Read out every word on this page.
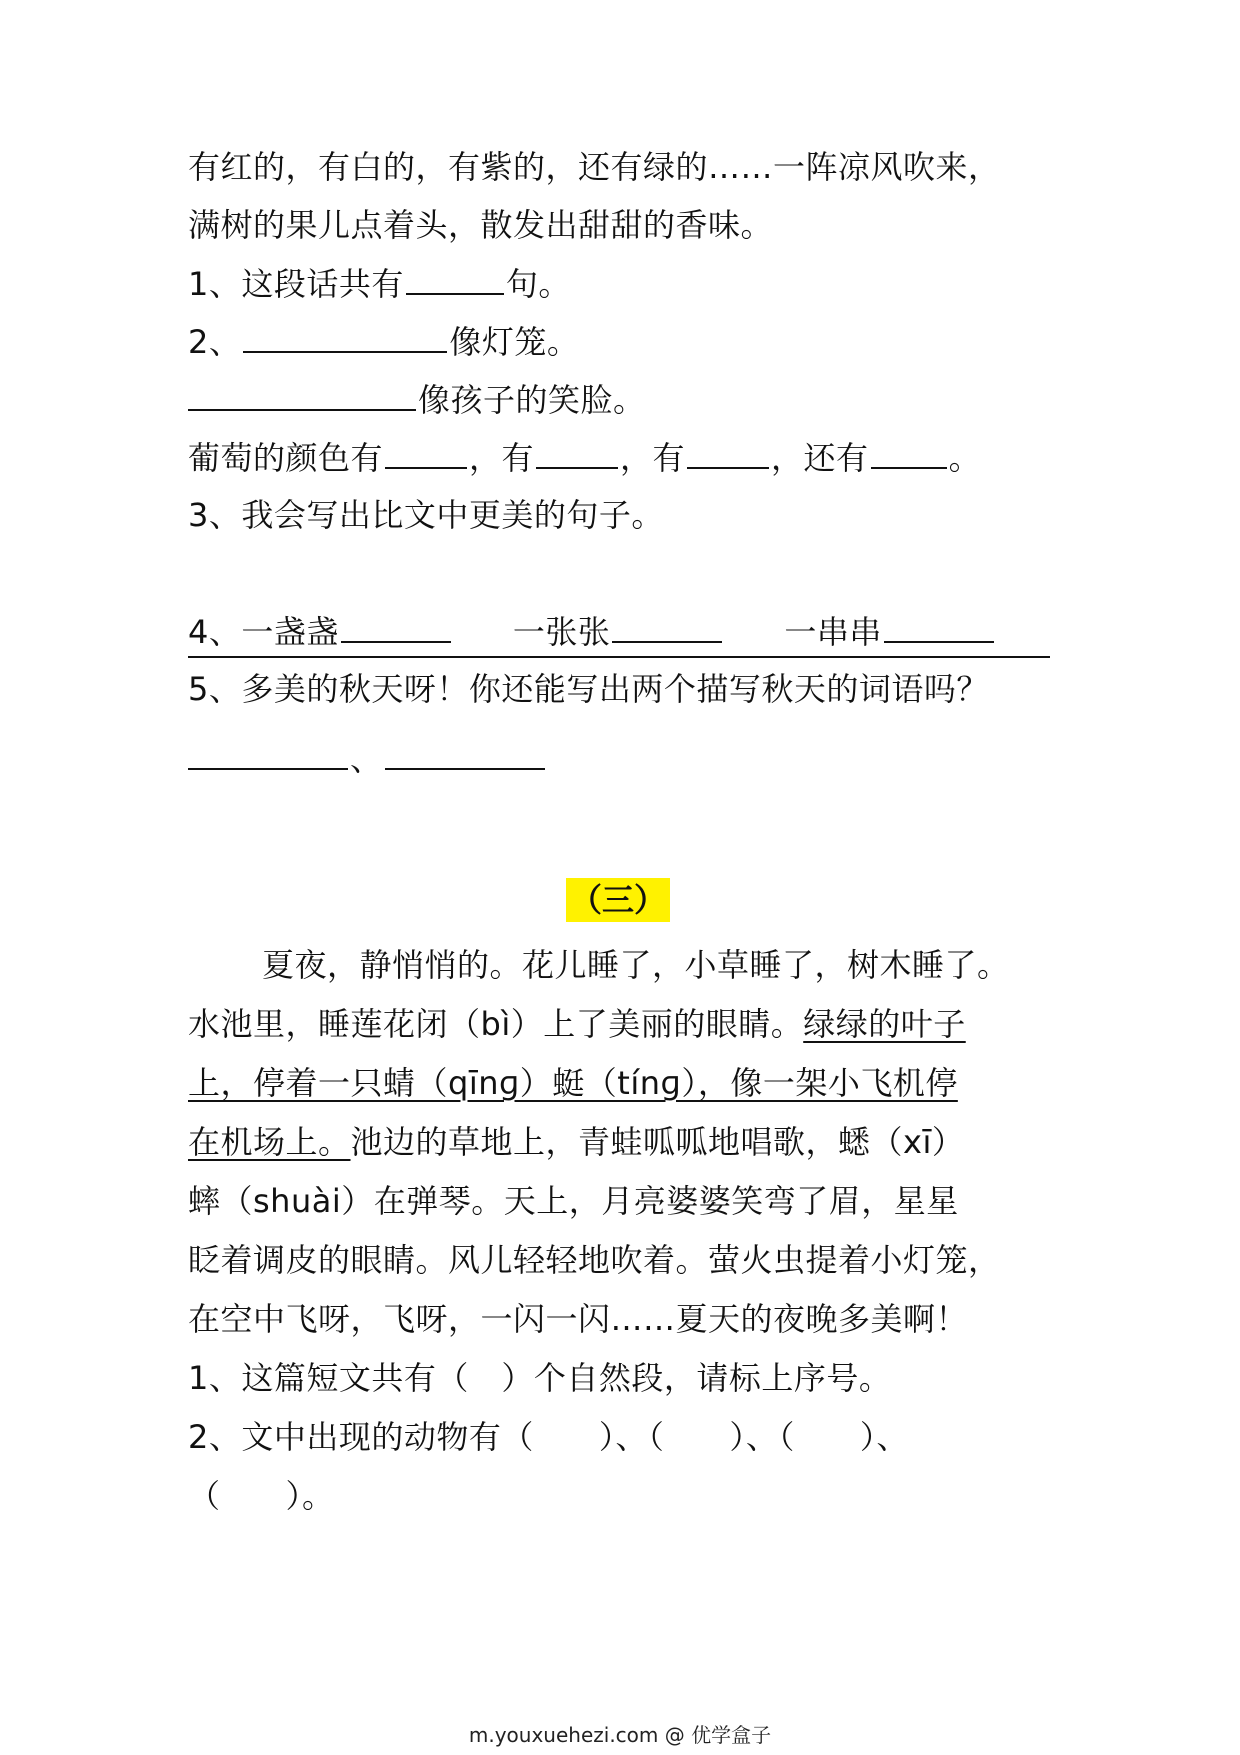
有红的，有白的，有紫的，还有绿的……一阵凉风吹来，
满树的果儿点着头，散发出甜甜的香味。
1、这段话共有	句。
2、	像灯笼。
像孩子的笑脸。
葡萄的颜色有	，有	，有	，还有	。
3、我会写出比文中更美的句子。
4、一盏盏	一张张	一串串
5、多美的秋天呀！你还能写出两个描写秋天的词语吗？
、
（三）
夏夜，静悄悄的。花儿睡了，小草睡了，树木睡了。
水池里，睡莲花闭（bì）上了美丽的眼睛。绿绿的叶子
上，停着一只蜻（qīnɡ）蜓（tínɡ），像一架小飞机停
在机场上。池边的草地上，青蛙呱呱地唱歌，蟋（xī）
蟀（shuài）在弹琴。天上，月亮婆婆笑弯了眉，星星
眨着调皮的眼睛。风儿轻轻地吹着。萤火虫提着小灯笼，
在空中飞呀，飞呀，一闪一闪……夏天的夜晚多美啊！
1、这篇短文共有（　）个自然段，请标上序号。
2、文中出现的动物有（　　）、（　　）、（　　）、
（　　）。
m.youxuehezi.com @ 优学盒子
